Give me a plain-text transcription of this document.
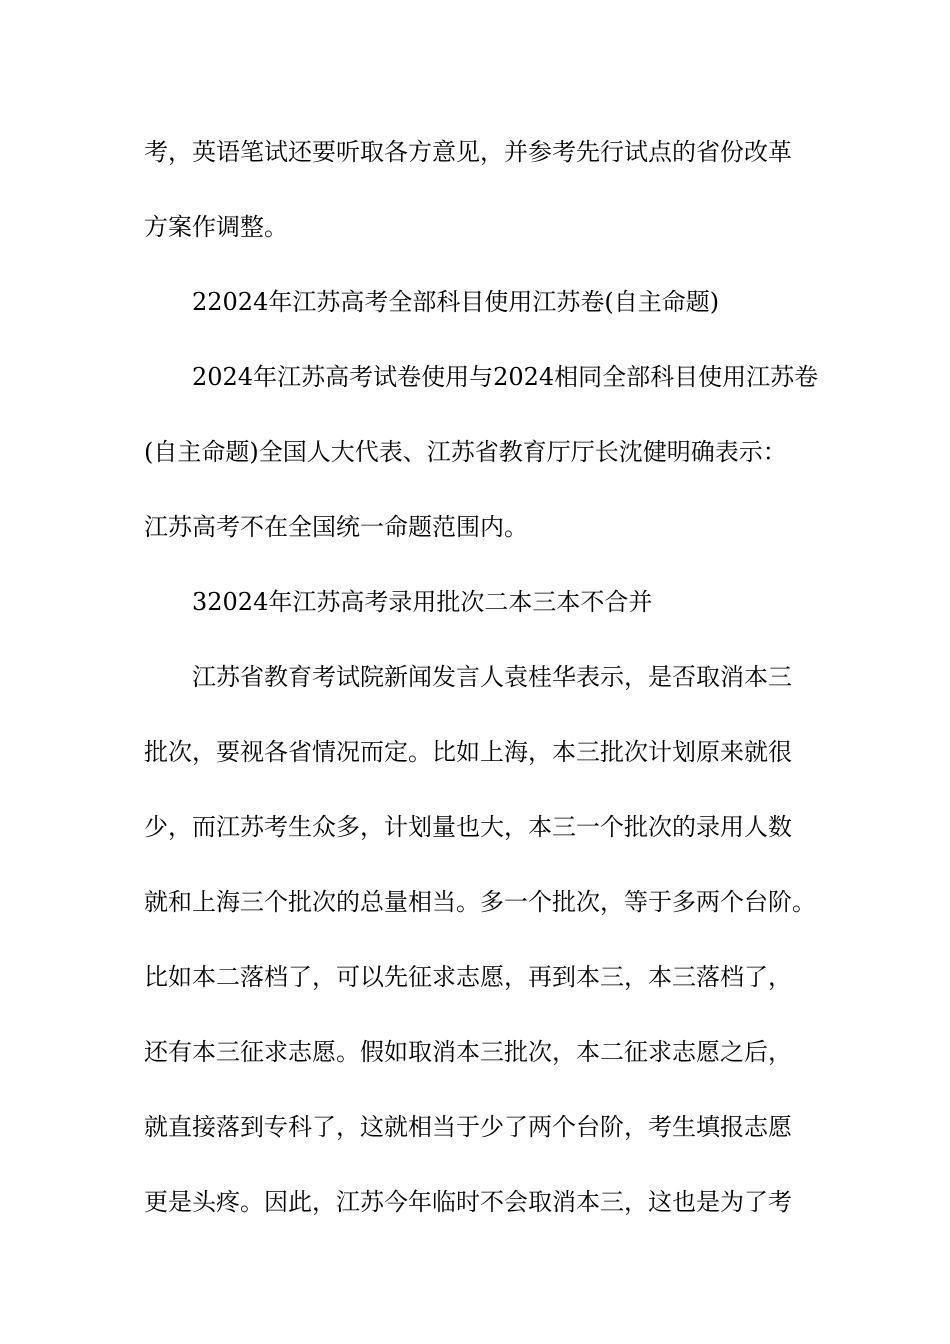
考，英语笔试还要听取各方意见，并参考先行试点的省份改革
方案作调整。
22024年江苏高考全部科目使用江苏卷(自主命题)
2024年江苏高考试卷使用与2024相同全部科目使用江苏卷
(自主命题)全国人大代表、江苏省教育厅厅长沈健明确表示：
江苏高考不在全国统一命题范围内。
32024年江苏高考录用批次二本三本不合并
江苏省教育考试院新闻发言人袁桂华表示，是否取消本三
批次，要视各省情况而定。比如上海，本三批次计划原来就很
少，而江苏考生众多，计划量也大，本三一个批次的录用人数
就和上海三个批次的总量相当。多一个批次，等于多两个台阶。
比如本二落档了，可以先征求志愿，再到本三，本三落档了，
还有本三征求志愿。假如取消本三批次，本二征求志愿之后，
就直接落到专科了，这就相当于少了两个台阶，考生填报志愿
更是头疼。因此，江苏今年临时不会取消本三，这也是为了考
